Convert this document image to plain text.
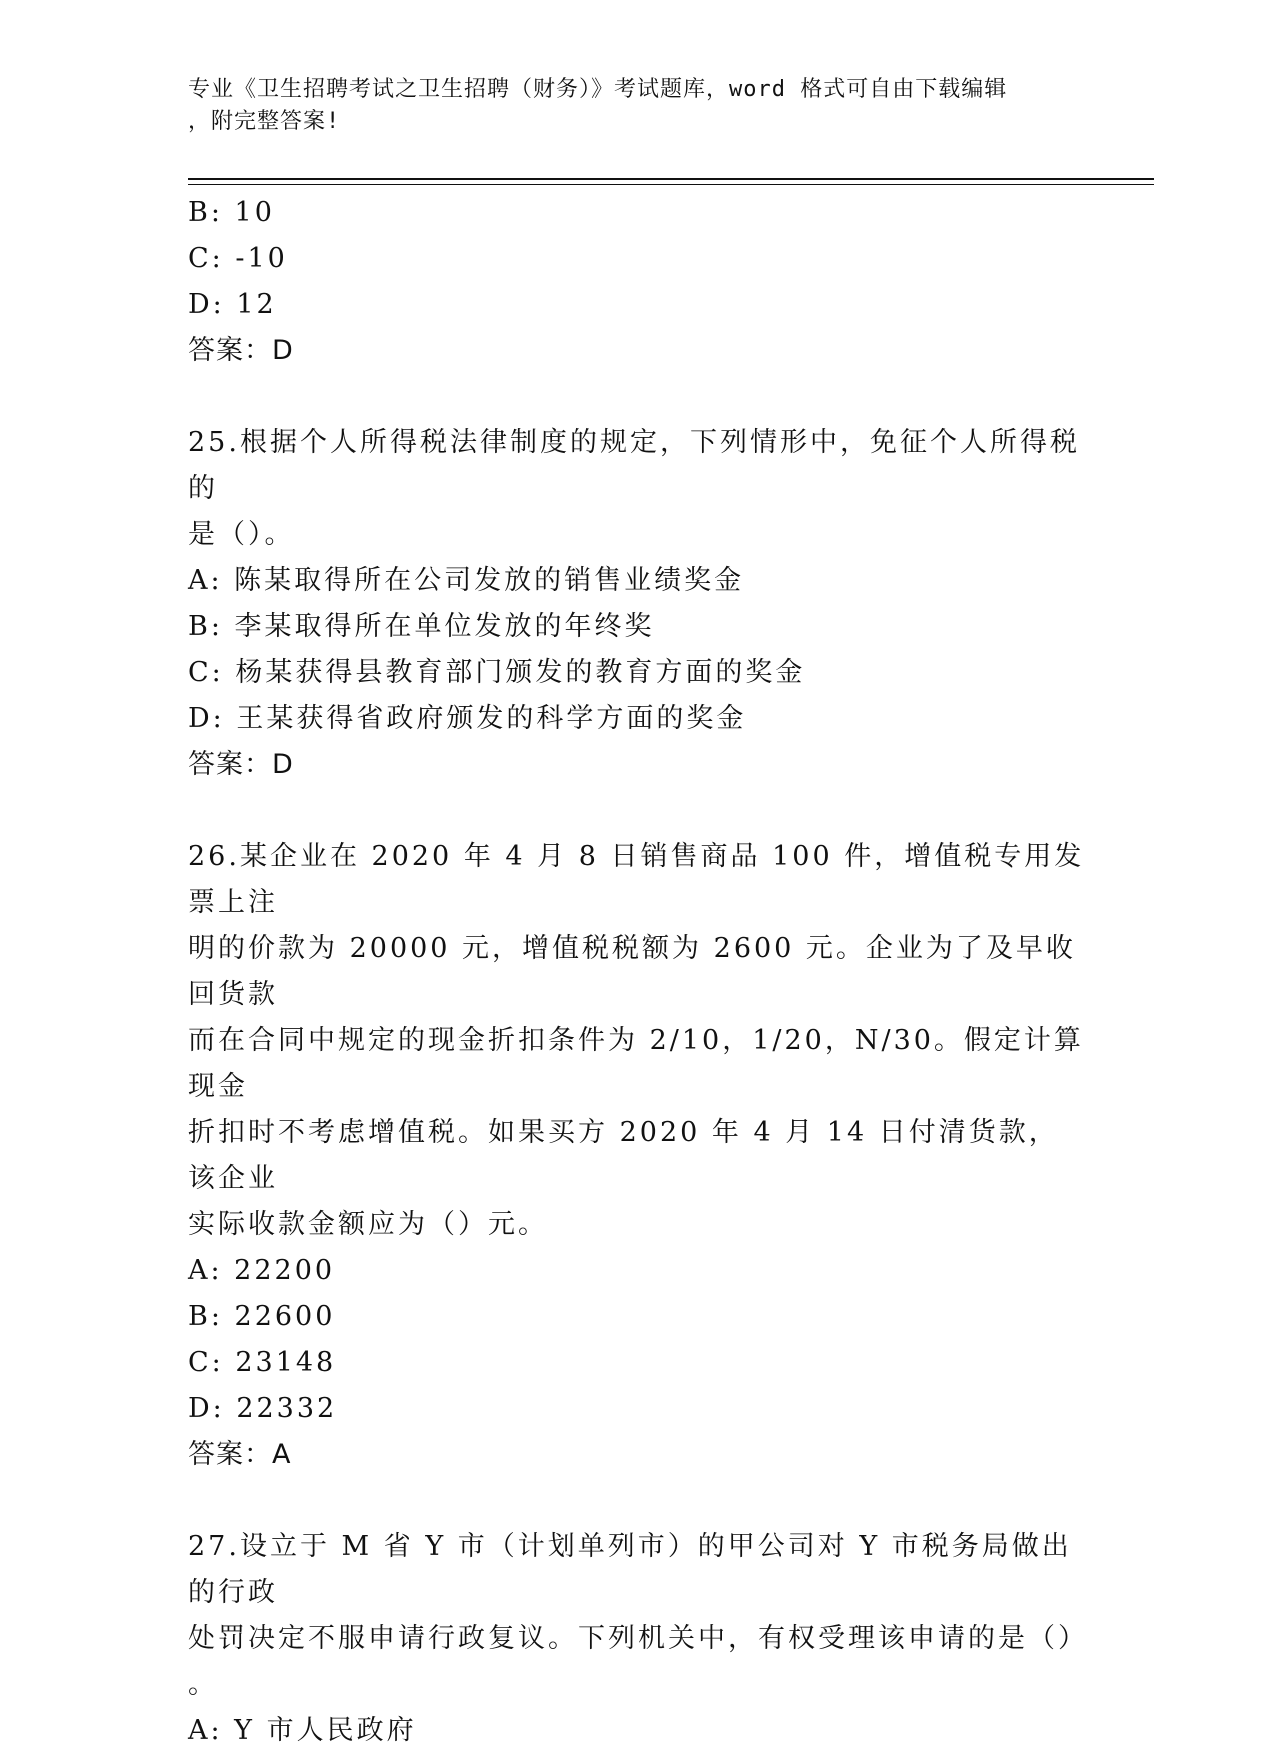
专业《卫生招聘考试之卫生招聘（财务）》考试题库，word 格式可自由下载编辑
，附完整答案!

B: 10

C: -10

D: 12

答案：D

25.根据个人所得税法律制度的规定，下列情形中，免征个人所得税的

是（）。

A: 陈某取得所在公司发放的销售业绩奖金

B: 李某取得所在单位发放的年终奖

C: 杨某获得县教育部门颁发的教育方面的奖金

D: 王某获得省政府颁发的科学方面的奖金

答案：D

26.某企业在 2020 年 4 月 8 日销售商品 100 件，增值税专用发票上注

明的价款为 20000 元，增值税税额为 2600 元。企业为了及早收回货款

而在合同中规定的现金折扣条件为 2/10，1/20，N/30。假定计算现金

折扣时不考虑增值税。如果买方 2020 年 4 月 14 日付清货款，该企业

实际收款金额应为（）元。

A: 22200

B: 22600

C: 23148

D: 22332

答案：A

27.设立于 M 省 Y 市（计划单列市）的甲公司对 Y 市税务局做出的行政

处罚决定不服申请行政复议。下列机关中，有权受理该申请的是（）

。

A: Y 市人民政府
